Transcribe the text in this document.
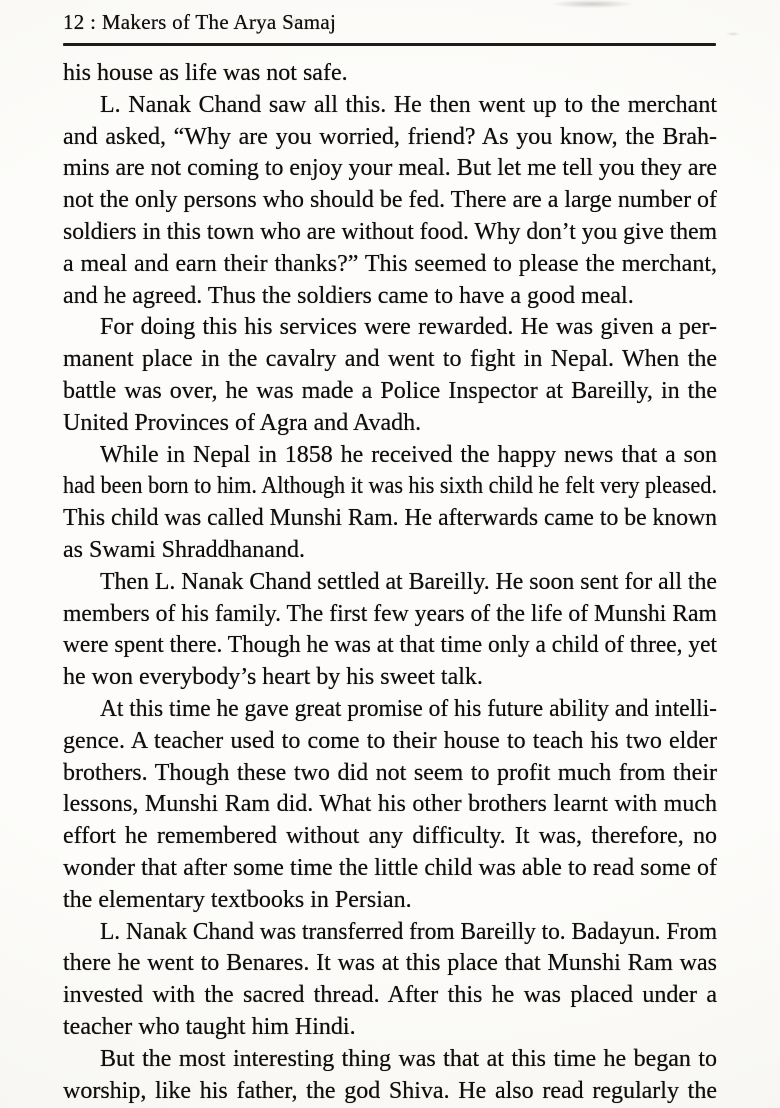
12 : Makers of The Arya Samaj
his house as life was not safe.
L. Nanak Chand saw all this. He then went up to the merchant
and asked, “Why are you worried, friend? As you know, the Brah-
mins are not coming to enjoy your meal. But let me tell you they are
not the only persons who should be fed. There are a large number of
soldiers in this town who are without food. Why don’t you give them
a meal and earn their thanks?” This seemed to please the merchant,
and he agreed. Thus the soldiers came to have a good meal.
For doing this his services were rewarded. He was given a per-
manent place in the cavalry and went to fight in Nepal. When the
battle was over, he was made a Police Inspector at Bareilly, in the
United Provinces of Agra and Avadh.
While in Nepal in 1858 he received the happy news that a son
had been born to him. Although it was his sixth child he felt very pleased.
This child was called Munshi Ram. He afterwards came to be known
as Swami Shraddhanand.
Then L. Nanak Chand settled at Bareilly. He soon sent for all the
members of his family. The first few years of the life of Munshi Ram
were spent there. Though he was at that time only a child of three, yet
he won everybody’s heart by his sweet talk.
At this time he gave great promise of his future ability and intelli-
gence. A teacher used to come to their house to teach his two elder
brothers. Though these two did not seem to profit much from their
lessons, Munshi Ram did. What his other brothers learnt with much
effort he remembered without any difficulty. It was, therefore, no
wonder that after some time the little child was able to read some of
the elementary textbooks in Persian.
L. Nanak Chand was transferred from Bareilly to. Badayun. From
there he went to Benares. It was at this place that Munshi Ram was
invested with the sacred thread. After this he was placed under a
teacher who taught him Hindi.
But the most interesting thing was that at this time he began to
worship, like his father, the god Shiva. He also read regularly the
